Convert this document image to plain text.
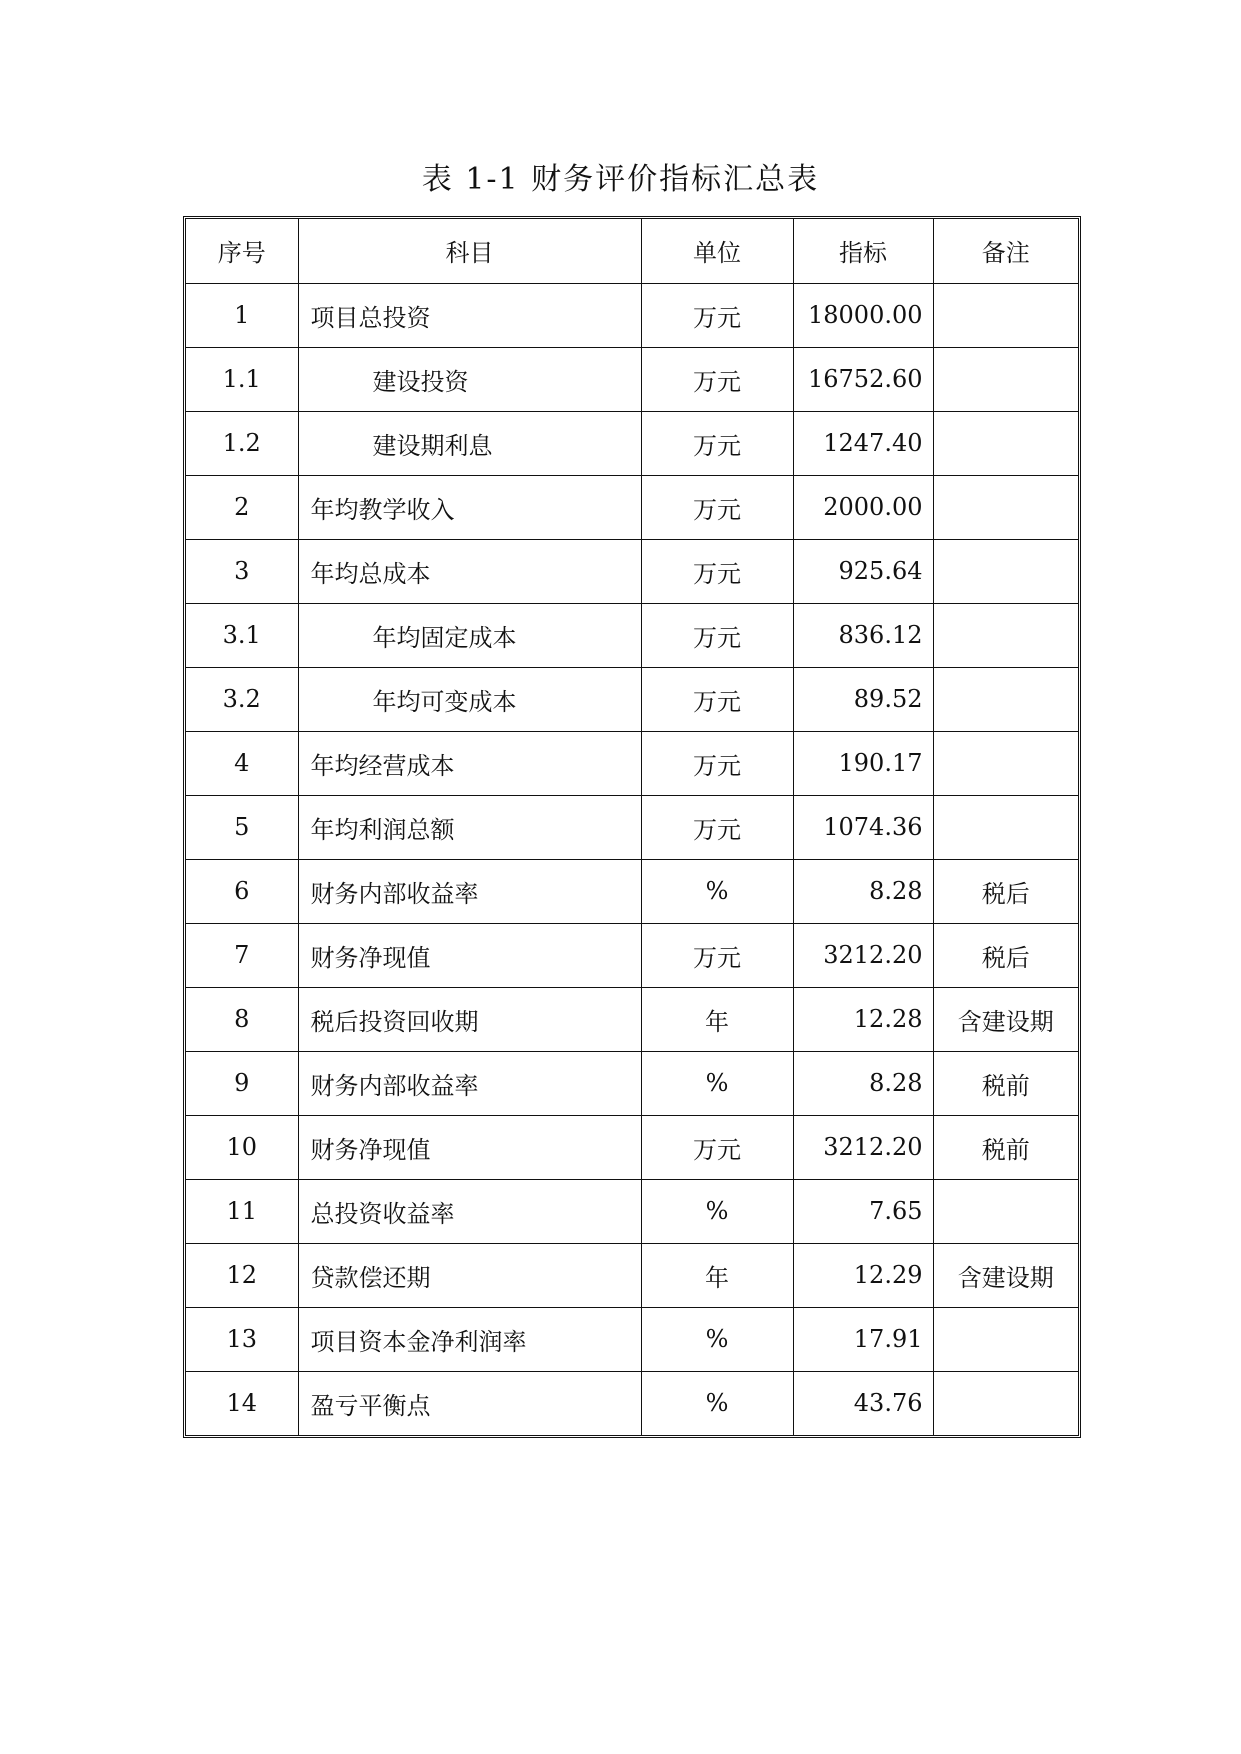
表 1-1 财务评价指标汇总表
序号	科目	单位	指标	备注
1	项目总投资	万元	18000.00	
1.1	建设投资	万元	16752.60	
1.2	建设期利息	万元	1247.40	
2	年均教学收入	万元	2000.00	
3	年均总成本	万元	925.64	
3.1	年均固定成本	万元	836.12	
3.2	年均可变成本	万元	89.52	
4	年均经营成本	万元	190.17	
5	年均利润总额	万元	1074.36	
6	财务内部收益率	%	8.28	税后
7	财务净现值	万元	3212.20	税后
8	税后投资回收期	年	12.28	含建设期
9	财务内部收益率	%	8.28	税前
10	财务净现值	万元	3212.20	税前
11	总投资收益率	%	7.65	
12	贷款偿还期	年	12.29	含建设期
13	项目资本金净利润率	%	17.91	
14	盈亏平衡点	%	43.76	
